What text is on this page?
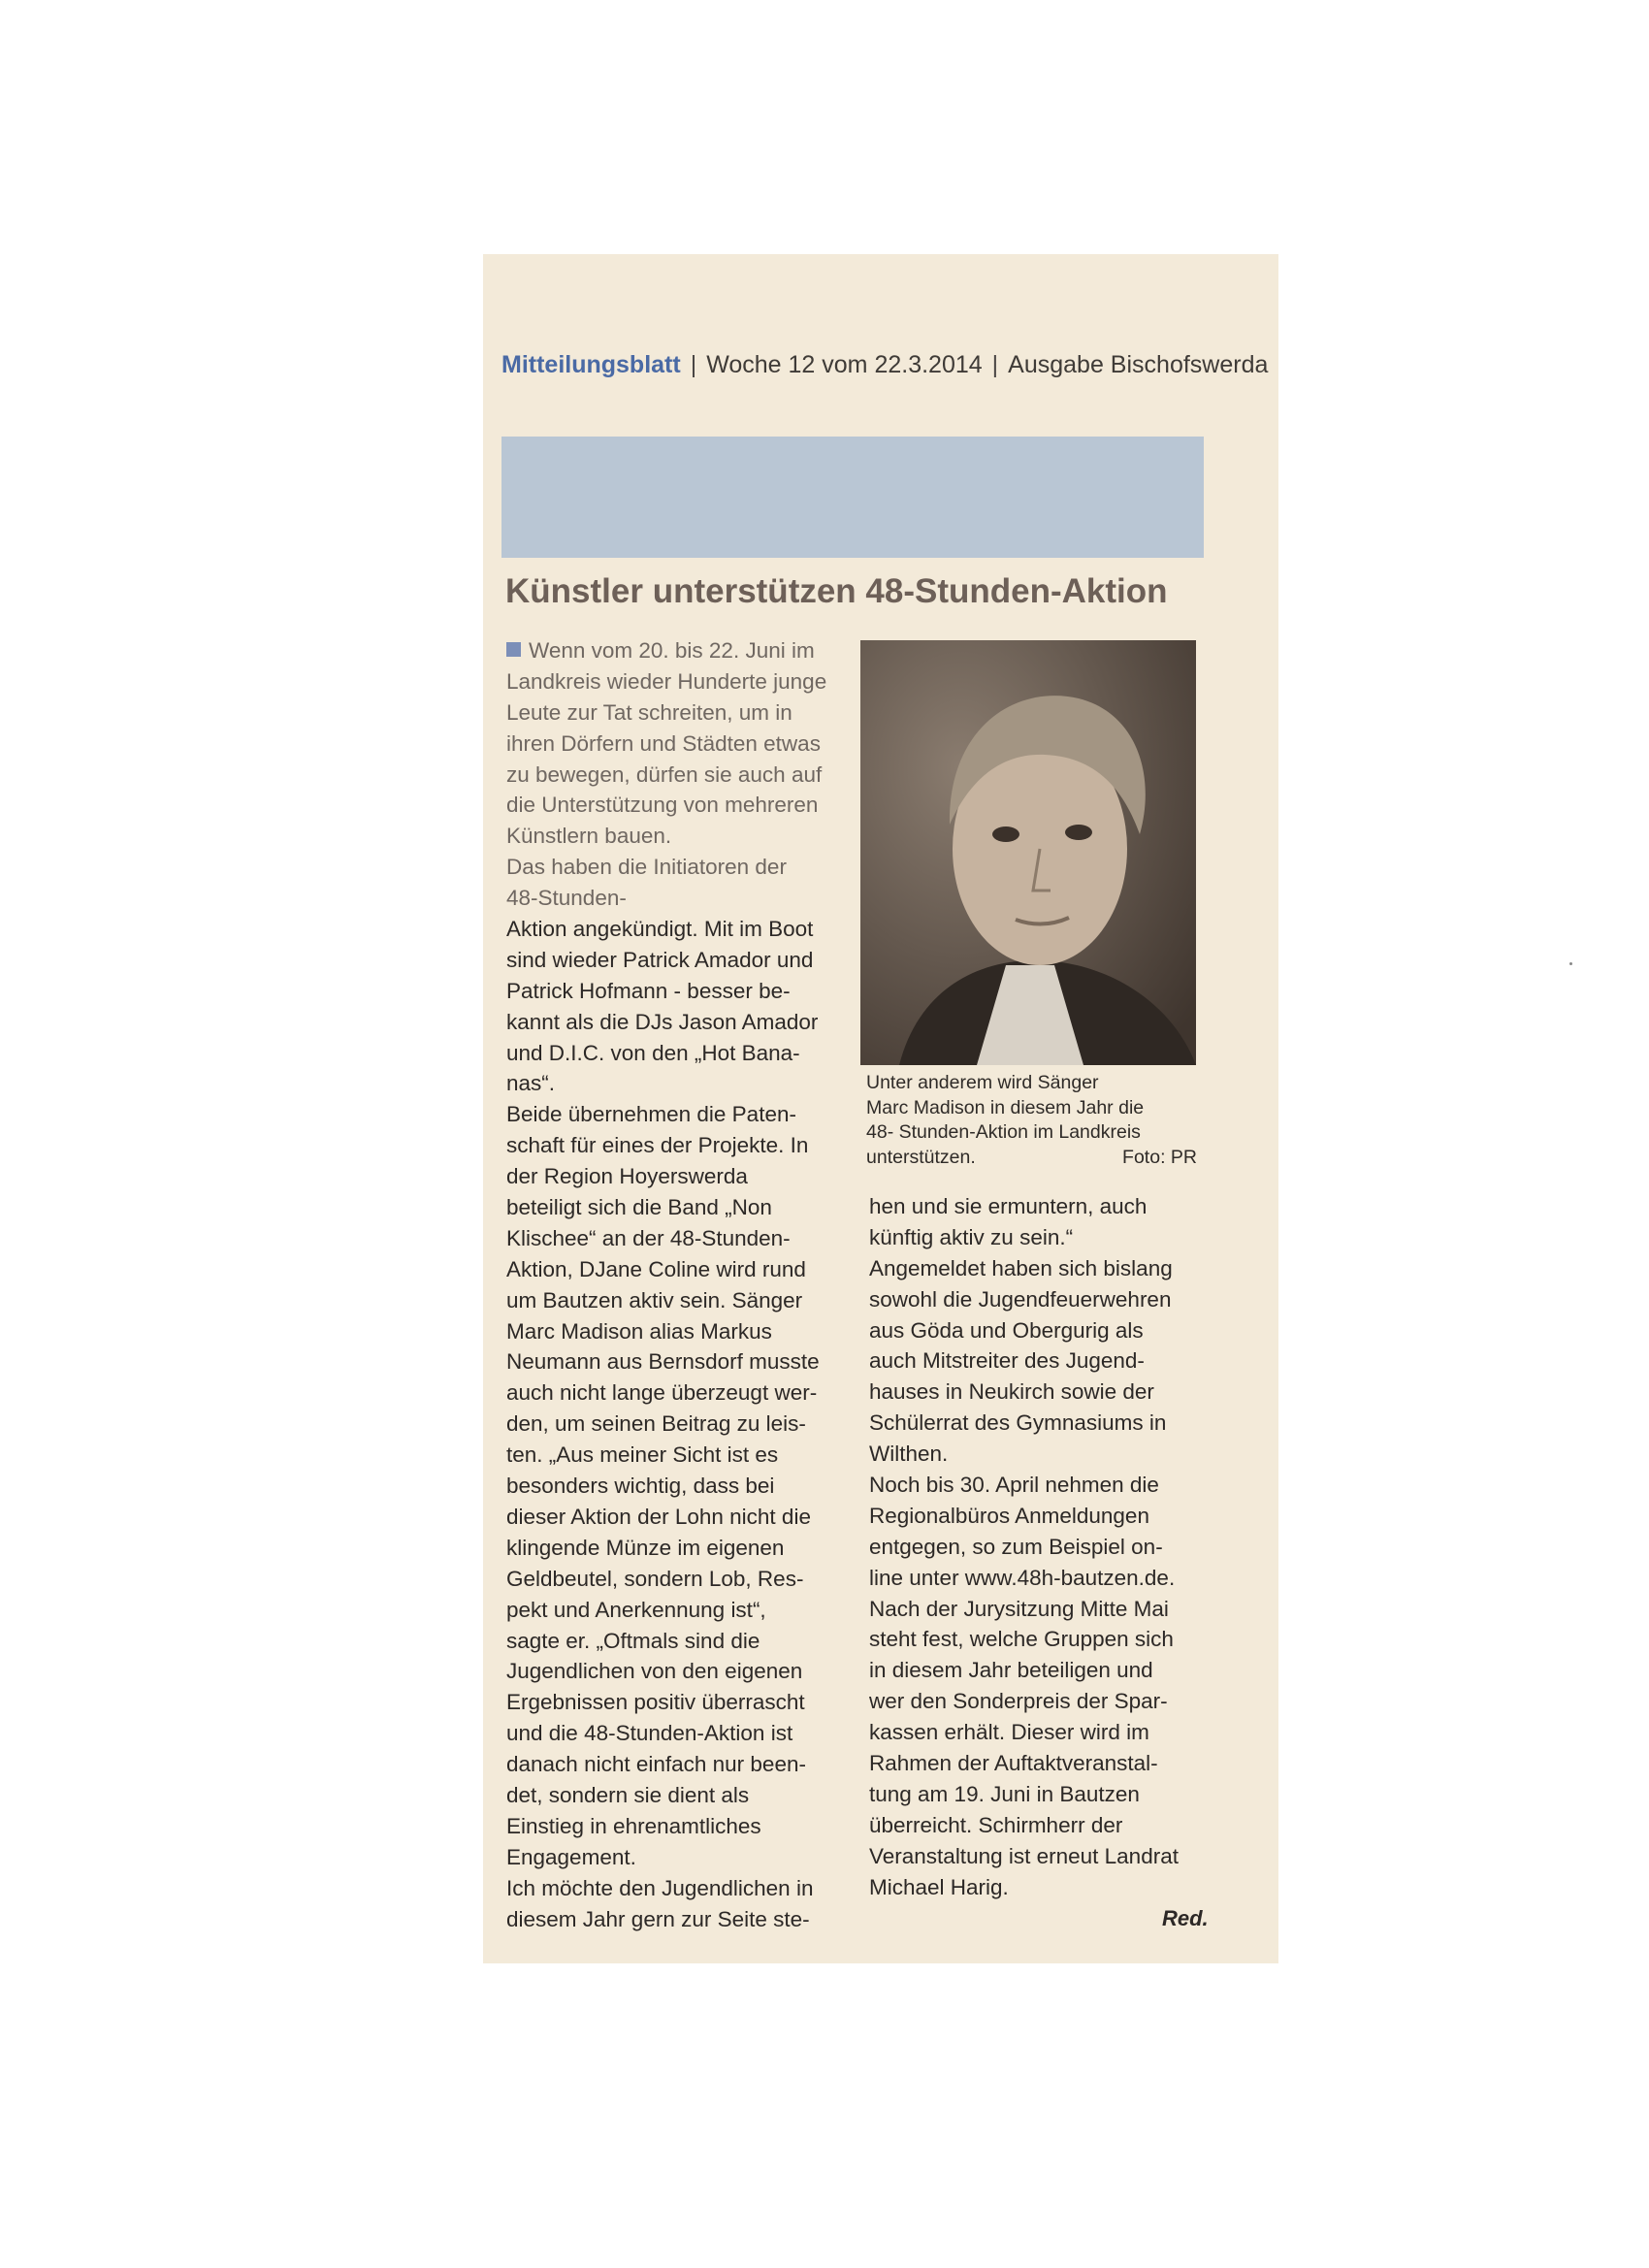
Mitteilungsblatt | Woche 12 vom 22.3.2014 | Ausgabe Bischofswerda
Künstler unterstützen 48-Stunden-Aktion
Wenn vom 20. bis 22. Juni im
Landkreis wieder Hunderte junge
Leute zur Tat schreiten, um in
ihren Dörfern und Städten etwas
zu bewegen, dürfen sie auch auf
die Unterstützung von mehreren
Künstlern bauen.
Das haben die Initiatoren der
48-Stunden-
Aktion angekündigt. Mit im Boot
sind wieder Patrick Amador und
Patrick Hofmann - besser be-
kannt als die DJs Jason Amador
und D.I.C. von den „Hot Bana-
nas“.
Beide übernehmen die Paten-
schaft für eines der Projekte. In
der Region Hoyerswerda
beteiligt sich die Band „Non
Klischee“ an der 48-Stunden-
Aktion, DJane Coline wird rund
um Bautzen aktiv sein. Sänger
Marc Madison alias Markus
Neumann aus Bernsdorf musste
auch nicht lange überzeugt wer-
den, um seinen Beitrag zu leis-
ten. „Aus meiner Sicht ist es
besonders wichtig, dass bei
dieser Aktion der Lohn nicht die
klingende Münze im eigenen
Geldbeutel, sondern Lob, Res-
pekt und Anerkennung ist“,
sagte er. „Oftmals sind die
Jugendlichen von den eigenen
Ergebnissen positiv überrascht
und die 48-Stunden-Aktion ist
danach nicht einfach nur been-
det, sondern sie dient als
Einstieg in ehrenamtliches
Engagement.
Ich möchte den Jugendlichen in
diesem Jahr gern zur Seite ste-
Unter anderem wird Sänger
Marc Madison in diesem Jahr die
48- Stunden-Aktion im Landkreis
unterstützen.	Foto: PR
hen und sie ermuntern, auch
künftig aktiv zu sein.“
Angemeldet haben sich bislang
sowohl die Jugendfeuerwehren
aus Göda und Obergurig als
auch Mitstreiter des Jugend-
hauses in Neukirch sowie der
Schülerrat des Gymnasiums in
Wilthen.
Noch bis 30. April nehmen die
Regionalbüros Anmeldungen
entgegen, so zum Beispiel on-
line unter www.48h-bautzen.de.
Nach der Jurysitzung Mitte Mai
steht fest, welche Gruppen sich
in diesem Jahr beteiligen und
wer den Sonderpreis der Spar-
kassen erhält. Dieser wird im
Rahmen der Auftaktveranstal-
tung am 19. Juni in Bautzen
überreicht. Schirmherr der
Veranstaltung ist erneut Landrat
Michael Harig.
Red.
